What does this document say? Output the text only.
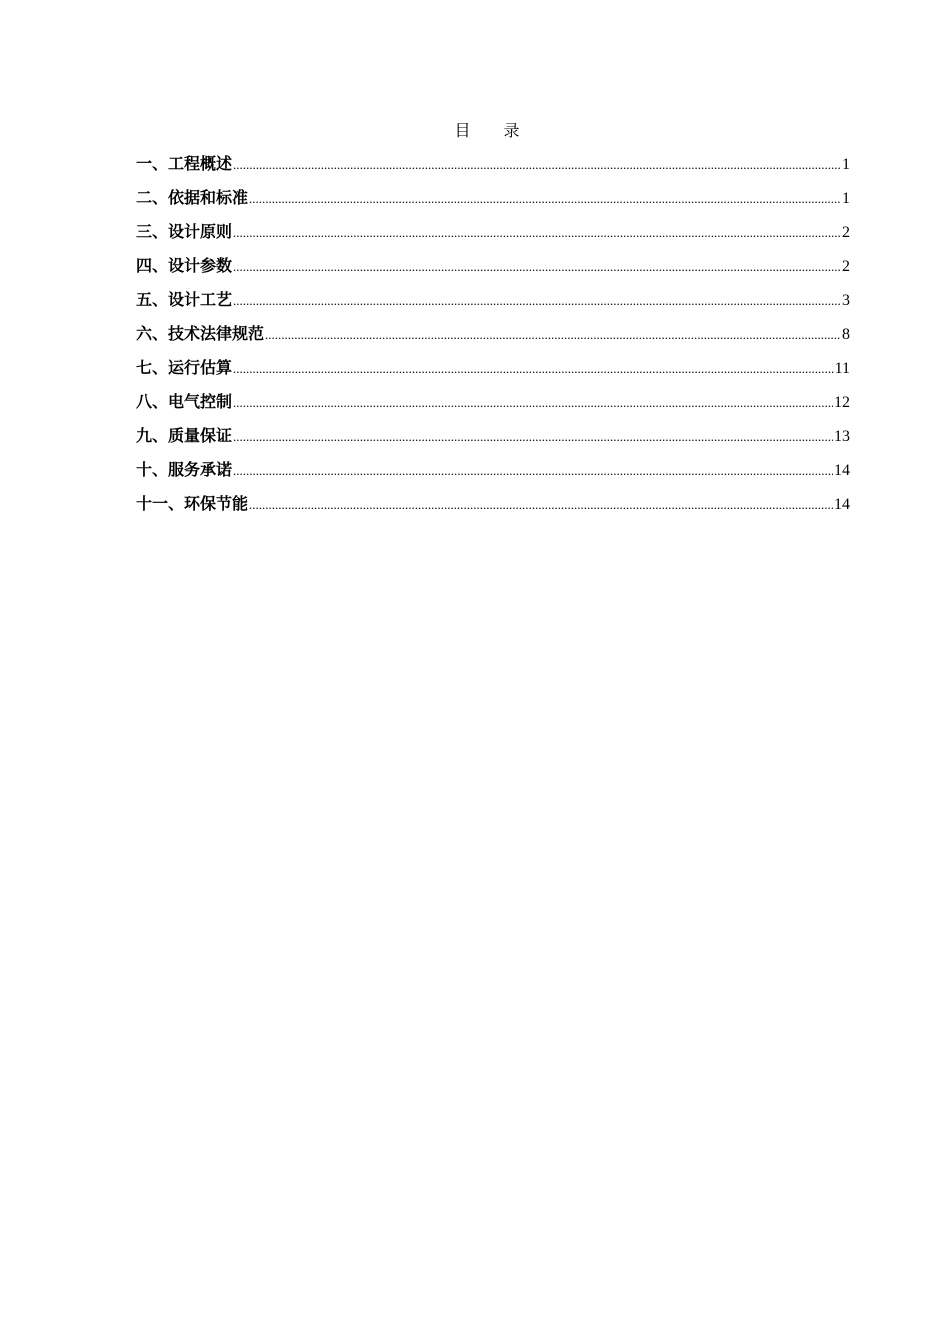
目 录
一、工程概述 .....	1
二、依据和标准 .....	1
三、设计原则 .....	2
四、设计参数 .....	2
五、设计工艺 .....	3
六、技术法律规范 .....	8
七、运行估算 .....	11
八、电气控制 .....	12
九、质量保证 .....	13
十、服务承诺 .....	14
十一、环保节能 .....	14
